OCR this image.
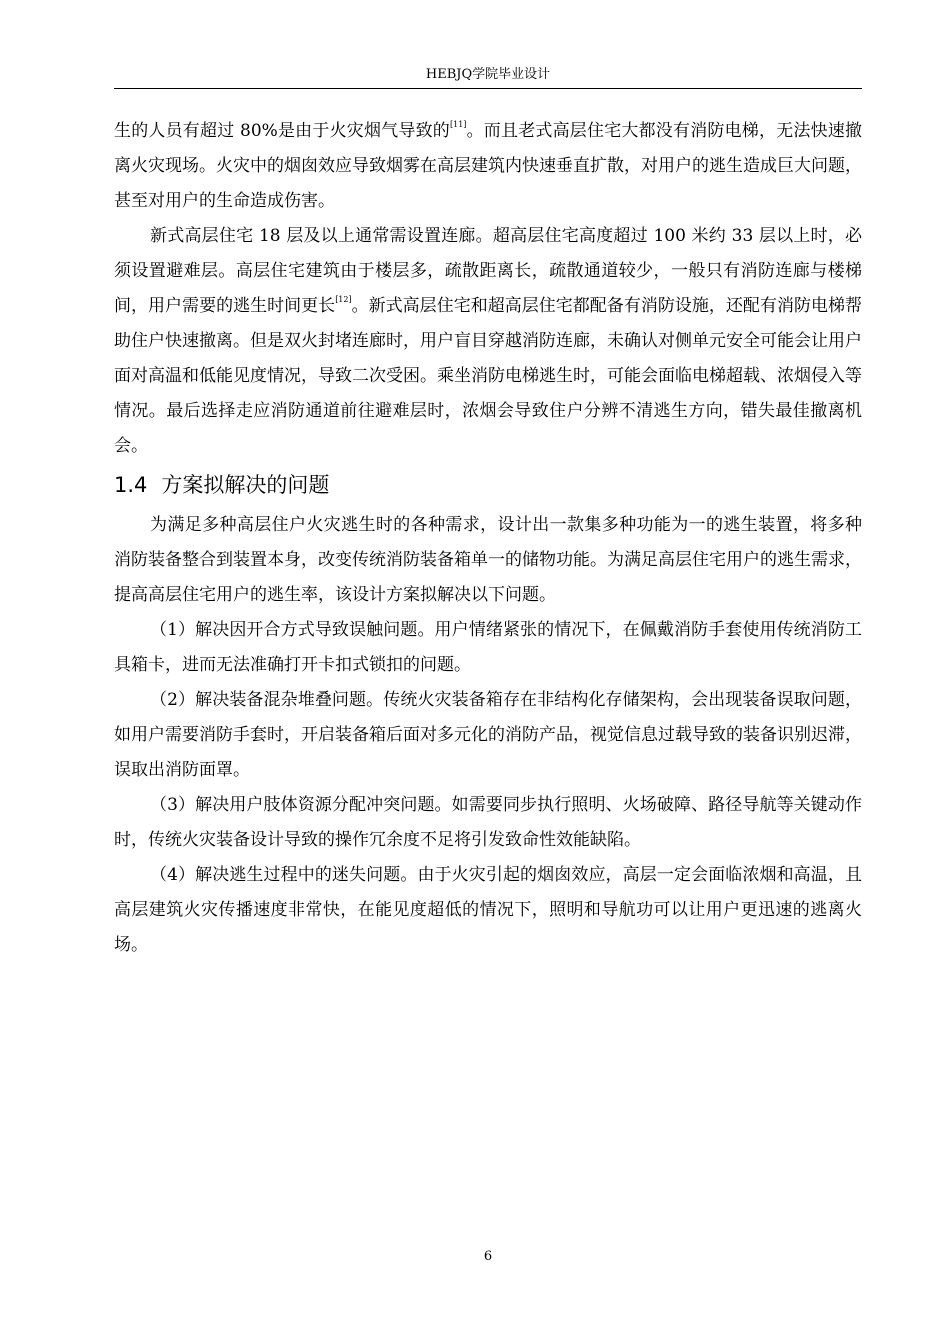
HEBJQ学院毕业设计

生的人员有超过 80%是由于火灾烟气导致的[11]。而且老式高层住宅大都没有消防电梯，无法快速撤离火灾现场。火灾中的烟囱效应导致烟雾在高层建筑内快速垂直扩散，对用户的逃生造成巨大问题，甚至对用户的生命造成伤害。

新式高层住宅 18 层及以上通常需设置连廊。超高层住宅高度超过 100 米约 33 层以上时，必须设置避难层。高层住宅建筑由于楼层多，疏散距离长，疏散通道较少，一般只有消防连廊与楼梯间，用户需要的逃生时间更长[12]。新式高层住宅和超高层住宅都配备有消防设施，还配有消防电梯帮助住户快速撤离。但是双火封堵连廊时，用户盲目穿越消防连廊，未确认对侧单元安全可能会让用户面对高温和低能见度情况，导致二次受困。乘坐消防电梯逃生时，可能会面临电梯超载、浓烟侵入等情况。最后选择走应消防通道前往避难层时，浓烟会导致住户分辨不清逃生方向，错失最佳撤离机会。

1.4 方案拟解决的问题

为满足多种高层住户火灾逃生时的各种需求，设计出一款集多种功能为一的逃生装置，将多种消防装备整合到装置本身，改变传统消防装备箱单一的储物功能。为满足高层住宅用户的逃生需求，提高高层住宅用户的逃生率，该设计方案拟解决以下问题。

（1）解决因开合方式导致误触问题。用户情绪紧张的情况下，在佩戴消防手套使用传统消防工具箱卡，进而无法准确打开卡扣式锁扣的问题。

（2）解决装备混杂堆叠问题。传统火灾装备箱存在非结构化存储架构，会出现装备误取问题，如用户需要消防手套时，开启装备箱后面对多元化的消防产品，视觉信息过载导致的装备识别迟滞，误取出消防面罩。

（3）解决用户肢体资源分配冲突问题。如需要同步执行照明、火场破障、路径导航等关键动作时，传统火灾装备设计导致的操作冗余度不足将引发致命性效能缺陷。

（4）解决逃生过程中的迷失问题。由于火灾引起的烟囱效应，高层一定会面临浓烟和高温，且高层建筑火灾传播速度非常快，在能见度超低的情况下，照明和导航功可以让用户更迅速的逃离火场。

6
